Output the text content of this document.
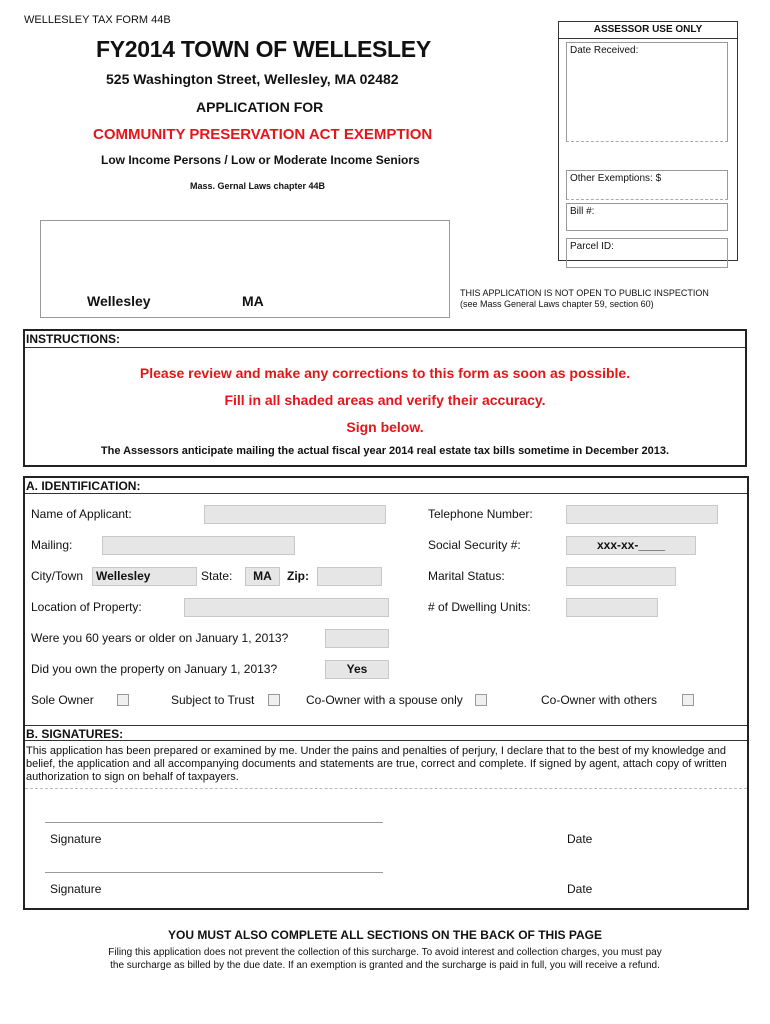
WELLESLEY TAX FORM 44B
FY2014 TOWN OF WELLESLEY
525 Washington Street, Wellesley, MA 02482
APPLICATION FOR
COMMUNITY PRESERVATION ACT EXEMPTION
Low Income Persons / Low or Moderate Income Seniors
Mass. Gernal Laws chapter 44B
ASSESSOR USE ONLY
Date Received:
Other Exemptions: $
Bill #:
Parcel ID:
Wellesley	MA	THIS APPLICATION IS NOT OPEN TO PUBLIC INSPECTION
(see Mass General Laws chapter 59, section 60)
INSTRUCTIONS:
Please review and make any corrections to this form as soon as possible.
Fill in all shaded areas and verify their accuracy.
Sign below.
The Assessors anticipate mailing the actual fiscal year 2014 real estate tax bills sometime in December 2013.
A. IDENTIFICATION:
Name of Applicant:	Telephone Number:
Mailing:	Social Security #:	xxx-xx-____
City/Town	Wellesley	State:	MA	Zip:	Marital Status:
Location of Property:	# of Dwelling Units:
Were you 60 years or older on January 1, 2013?
Did you own the property on January 1, 2013?	Yes
Sole Owner	Subject to Trust	Co-Owner with a spouse only	Co-Owner with others
B. SIGNATURES:
This application has been prepared or examined by me. Under the pains and penalties of perjury, I declare that to the best of my knowledge and belief, the application and all accompanying documents and statements are true, correct and complete. If signed by agent, attach copy of written authorization to sign on behalf of taxpayers.
Signature	Date
Signature	Date
YOU MUST ALSO COMPLETE ALL SECTIONS ON THE BACK OF THIS PAGE
Filing this application does not prevent the collection of this surcharge. To avoid interest and collection charges, you must pay
the surcharge as billed by the due date. If an exemption is granted and the surcharge is paid in full, you will receive a refund.
